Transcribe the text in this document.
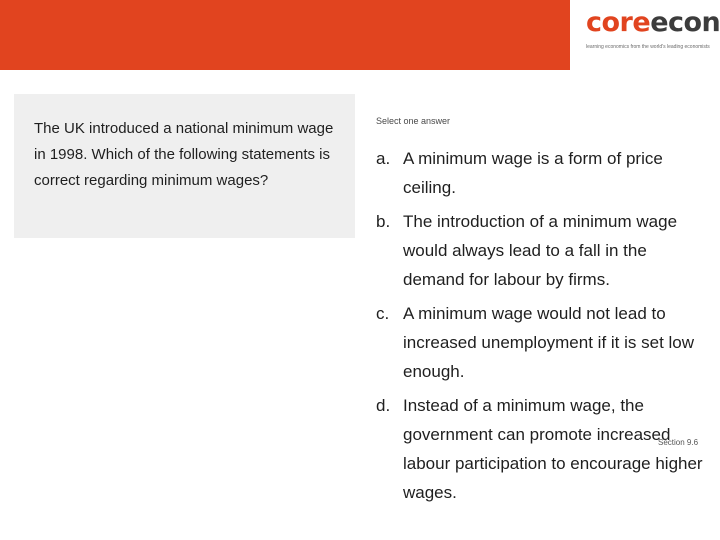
coreecon
learning economics from the world's leading economists
The UK introduced a national minimum wage in 1998. Which of the following statements is correct regarding minimum wages?
Select one answer
a. A minimum wage is a form of price ceiling.
b. The introduction of a minimum wage would always lead to a fall in the demand for labour by firms.
c. A minimum wage would not lead to increased unemployment if it is set low enough.
d. Instead of a minimum wage, the government can promote increased labour participation to encourage higher wages.
Section 9.6
